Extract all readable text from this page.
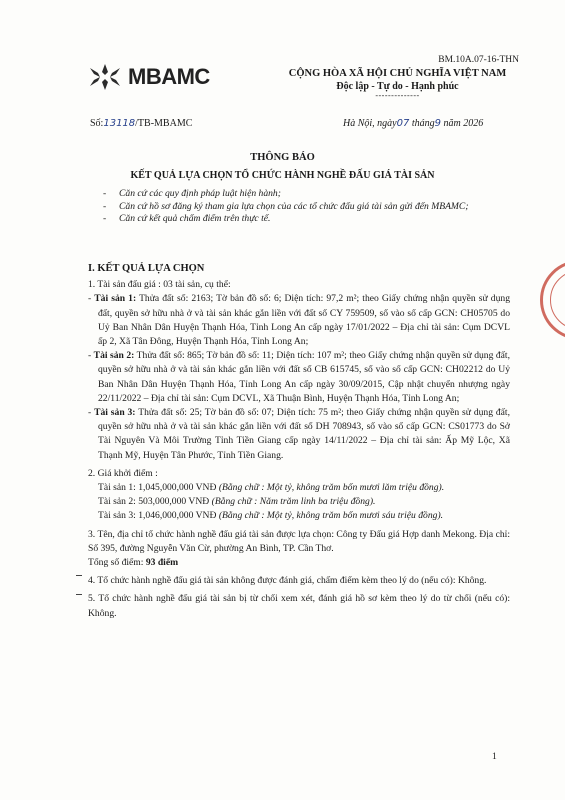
BM.10A.07-16-THN
MBAMC	CỘNG HÒA XÃ HỘI CHỦ NGHĨA VIỆT NAM
Độc lập - Tự do - Hạnh phúc
--------------
Số:13118/TB-MBAMC	Hà Nội, ngày07 tháng9 năm 2026
THÔNG BÁO
KẾT QUẢ LỰA CHỌN TỔ CHỨC HÀNH NGHỀ ĐẤU GIÁ TÀI SẢN
- Căn cứ các quy định pháp luật hiện hành;
- Căn cứ hồ sơ đăng ký tham gia lựa chọn của các tổ chức đấu giá tài sản gửi đến MBAMC;
- Căn cứ kết quả chấm điểm trên thực tế.

I. KẾT QUẢ LỰA CHỌN

1. Tài sản đấu giá : 03 tài sản, cụ thể:

- Tài sản 1: Thửa đất số: 2163; Tờ bản đồ số: 6; Diện tích: 97,2 m²; theo Giấy chứng nhận quyền sử dụng đất, quyền sở hữu nhà ở và tài sản khác gắn liền với đất số CY 759509, số vào sổ cấp GCN: CH05705 do Uỷ Ban Nhân Dân Huyện Thạnh Hóa, Tỉnh Long An cấp ngày 17/01/2022 – Địa chỉ tài sản: Cụm DCVL ấp 2, Xã Tân Đông, Huyện Thạnh Hóa, Tỉnh Long An;

- Tài sản 2: Thửa đất số: 865; Tờ bản đồ số: 11; Diện tích: 107 m²; theo Giấy chứng nhận quyền sử dụng đất, quyền sở hữu nhà ở và tài sản khác gắn liền với đất số CB 615745, số vào sổ cấp GCN: CH02212 do Uỷ Ban Nhân Dân Huyện Thạnh Hóa, Tỉnh Long An cấp ngày 30/09/2015, Cập nhật chuyển nhượng ngày 22/11/2022 – Địa chỉ tài sản: Cụm DCVL, Xã Thuận Bình, Huyện Thạnh Hóa, Tỉnh Long An;

- Tài sản 3: Thửa đất số: 25; Tờ bản đồ số: 07; Diện tích: 75 m²; theo Giấy chứng nhận quyền sử dụng đất, quyền sở hữu nhà ở và tài sản khác gắn liền với đất số DH 708943, số vào sổ cấp GCN: CS01773 do Sở Tài Nguyên Và Môi Trường Tỉnh Tiền Giang cấp ngày 14/11/2022 – Địa chỉ tài sản: Ấp Mỹ Lộc, Xã Thạnh Mỹ, Huyện Tân Phước, Tỉnh Tiền Giang.

2. Giá khởi điểm :

Tài sản 1: 1,045,000,000 VNĐ (Bằng chữ : Một tỷ, không trăm bốn mươi lăm triệu đồng).

Tài sản 2: 503,000,000 VNĐ (Bằng chữ : Năm trăm linh ba triệu đồng).

Tài sản 3: 1,046,000,000 VNĐ (Bằng chữ : Một tỷ, không trăm bốn mươi sáu triệu đồng).

3. Tên, địa chỉ tổ chức hành nghề đấu giá tài sản được lựa chọn: Công ty Đấu giá Hợp danh Mekong. Địa chỉ: Số 395, đường Nguyễn Văn Cừ, phường An Bình, TP. Cần Thơ.

Tổng số điểm: 93 điểm

4. Tổ chức hành nghề đấu giá tài sản không được đánh giá, chấm điểm kèm theo lý do (nếu có): Không.

5. Tổ chức hành nghề đấu giá tài sản bị từ chối xem xét, đánh giá hồ sơ kèm theo lý do từ chối (nếu có): Không.

1
